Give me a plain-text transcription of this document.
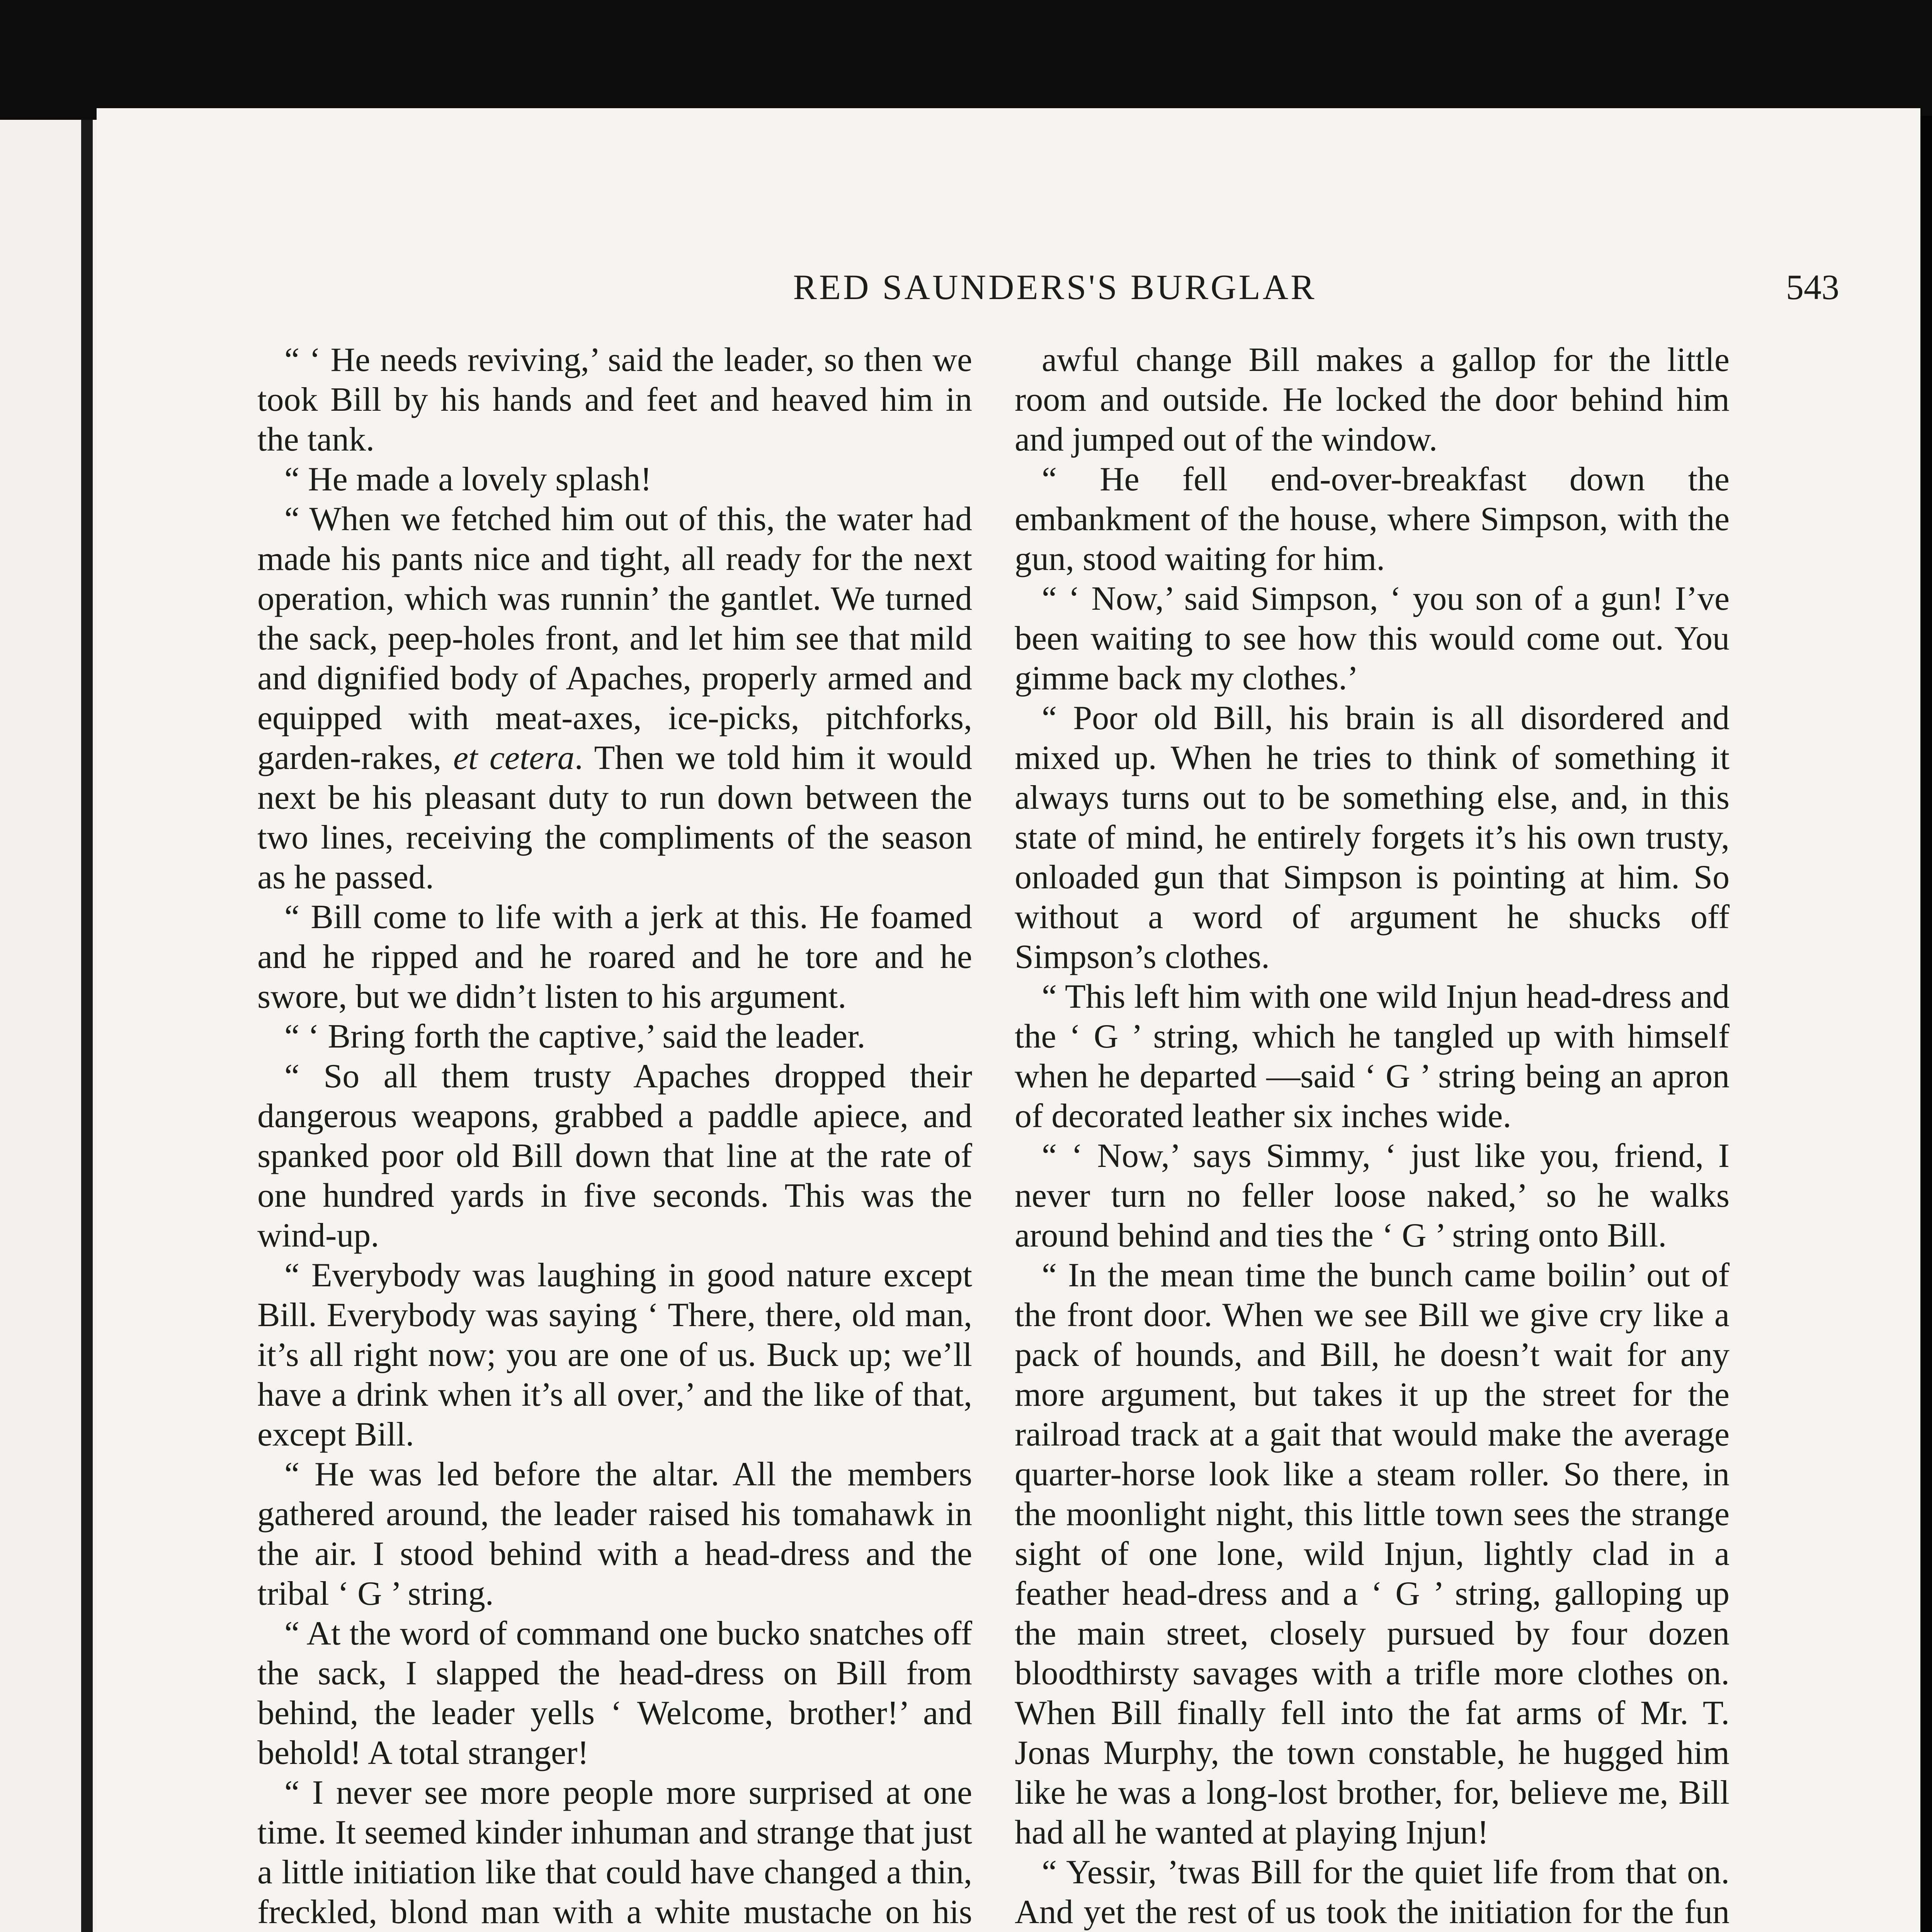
RED SAUNDERS'S BURGLAR	543

“ ‘ He needs reviving,’ said the leader, so then we took Bill by his hands and feet and heaved him in the tank.

“ He made a lovely splash!

“ When we fetched him out of this, the water had made his pants nice and tight, all ready for the next operation, which was runnin’ the gantlet. We turned the sack, peep-holes front, and let him see that mild and dignified body of Apaches, properly armed and equipped with meat-axes, ice-picks, pitchforks, garden-rakes, et cetera. Then we told him it would next be his pleasant duty to run down between the two lines, receiving the compliments of the season as he passed.

“ Bill come to life with a jerk at this. He foamed and he ripped and he roared and he tore and he swore, but we didn’t listen to his argument.

“ ‘ Bring forth the captive,’ said the leader.

“ So all them trusty Apaches dropped their dangerous weapons, grabbed a paddle apiece, and spanked poor old Bill down that line at the rate of one hundred yards in five seconds. This was the wind-up.

“ Everybody was laughing in good nature except Bill. Everybody was saying ‘ There, there, old man, it’s all right now; you are one of us. Buck up; we’ll have a drink when it’s all over,’ and the like of that, except Bill.

“ He was led before the altar. All the members gathered around, the leader raised his tomahawk in the air. I stood behind with a head-dress and the tribal ‘ G ’ string.

“ At the word of command one bucko snatches off the sack, I slapped the head-dress on Bill from behind, the leader yells ‘ Welcome, brother!’ and behold! A total stranger!

“ I never see more people more surprised at one time. It seemed kinder inhuman and strange that just a little initiation like that could have changed a thin, freckled, blond man with a white mustache on his

awful change Bill makes a gallop for the little room and outside. He locked the door behind him and jumped out of the window.

“ He fell end-over-breakfast down the embankment of the house, where Simpson, with the gun, stood waiting for him.

“ ‘ Now,’ said Simpson, ‘ you son of a gun! I’ve been waiting to see how this would come out. You gimme back my clothes.’

“ Poor old Bill, his brain is all disordered and mixed up. When he tries to think of something it always turns out to be something else, and, in this state of mind, he entirely forgets it’s his own trusty, onloaded gun that Simpson is pointing at him. So without a word of argument he shucks off Simpson’s clothes.

“ This left him with one wild Injun head-dress and the ‘ G ’ string, which he tangled up with himself when he departed —said ‘ G ’ string being an apron of decorated leather six inches wide.

“ ‘ Now,’ says Simmy, ‘ just like you, friend, I never turn no feller loose naked,’ so he walks around behind and ties the ‘ G ’ string onto Bill.

“ In the mean time the bunch came boilin’ out of the front door. When we see Bill we give cry like a pack of hounds, and Bill, he doesn’t wait for any more argument, but takes it up the street for the railroad track at a gait that would make the average quarter-horse look like a steam roller. So there, in the moonlight night, this little town sees the strange sight of one lone, wild Injun, lightly clad in a feather head-dress and a ‘ G ’ string, galloping up the main street, closely pursued by four dozen bloodthirsty savages with a trifle more clothes on. When Bill finally fell into the fat arms of Mr. T. Jonas Murphy, the town constable, he hugged him like he was a long-lost brother, for, believe me, Bill had all he wanted at playing Injun!

“ Yessir, ’twas Bill for the quiet life from that on. And yet the rest of us took the initiation for the fun
